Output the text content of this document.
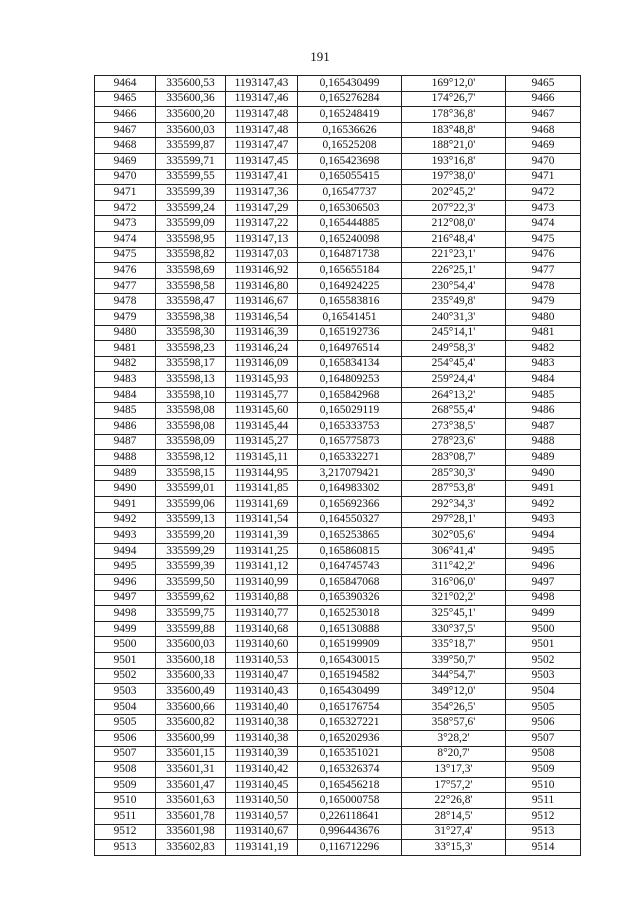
191
9464	335600,53	1193147,43	0,165430499	169°12,0'	9465
9465	335600,36	1193147,46	0,165276284	174°26,7'	9466
9466	335600,20	1193147,48	0,165248419	178°36,8'	9467
9467	335600,03	1193147,48	0,16536626	183°48,8'	9468
9468	335599,87	1193147,47	0,16525208	188°21,0'	9469
9469	335599,71	1193147,45	0,165423698	193°16,8'	9470
9470	335599,55	1193147,41	0,165055415	197°38,0'	9471
9471	335599,39	1193147,36	0,16547737	202°45,2'	9472
9472	335599,24	1193147,29	0,165306503	207°22,3'	9473
9473	335599,09	1193147,22	0,165444885	212°08,0'	9474
9474	335598,95	1193147,13	0,165240098	216°48,4'	9475
9475	335598,82	1193147,03	0,164871738	221°23,1'	9476
9476	335598,69	1193146,92	0,165655184	226°25,1'	9477
9477	335598,58	1193146,80	0,164924225	230°54,4'	9478
9478	335598,47	1193146,67	0,165583816	235°49,8'	9479
9479	335598,38	1193146,54	0,16541451	240°31,3'	9480
9480	335598,30	1193146,39	0,165192736	245°14,1'	9481
9481	335598,23	1193146,24	0,164976514	249°58,3'	9482
9482	335598,17	1193146,09	0,165834134	254°45,4'	9483
9483	335598,13	1193145,93	0,164809253	259°24,4'	9484
9484	335598,10	1193145,77	0,165842968	264°13,2'	9485
9485	335598,08	1193145,60	0,165029119	268°55,4'	9486
9486	335598,08	1193145,44	0,165333753	273°38,5'	9487
9487	335598,09	1193145,27	0,165775873	278°23,6'	9488
9488	335598,12	1193145,11	0,165332271	283°08,7'	9489
9489	335598,15	1193144,95	3,217079421	285°30,3'	9490
9490	335599,01	1193141,85	0,164983302	287°53,8'	9491
9491	335599,06	1193141,69	0,165692366	292°34,3'	9492
9492	335599,13	1193141,54	0,164550327	297°28,1'	9493
9493	335599,20	1193141,39	0,165253865	302°05,6'	9494
9494	335599,29	1193141,25	0,165860815	306°41,4'	9495
9495	335599,39	1193141,12	0,164745743	311°42,2'	9496
9496	335599,50	1193140,99	0,165847068	316°06,0'	9497
9497	335599,62	1193140,88	0,165390326	321°02,2'	9498
9498	335599,75	1193140,77	0,165253018	325°45,1'	9499
9499	335599,88	1193140,68	0,165130888	330°37,5'	9500
9500	335600,03	1193140,60	0,165199909	335°18,7'	9501
9501	335600,18	1193140,53	0,165430015	339°50,7'	9502
9502	335600,33	1193140,47	0,165194582	344°54,7'	9503
9503	335600,49	1193140,43	0,165430499	349°12,0'	9504
9504	335600,66	1193140,40	0,165176754	354°26,5'	9505
9505	335600,82	1193140,38	0,165327221	358°57,6'	9506
9506	335600,99	1193140,38	0,165202936	3°28,2'	9507
9507	335601,15	1193140,39	0,165351021	8°20,7'	9508
9508	335601,31	1193140,42	0,165326374	13°17,3'	9509
9509	335601,47	1193140,45	0,165456218	17°57,2'	9510
9510	335601,63	1193140,50	0,165000758	22°26,8'	9511
9511	335601,78	1193140,57	0,226118641	28°14,5'	9512
9512	335601,98	1193140,67	0,996443676	31°27,4'	9513
9513	335602,83	1193141,19	0,116712296	33°15,3'	9514
